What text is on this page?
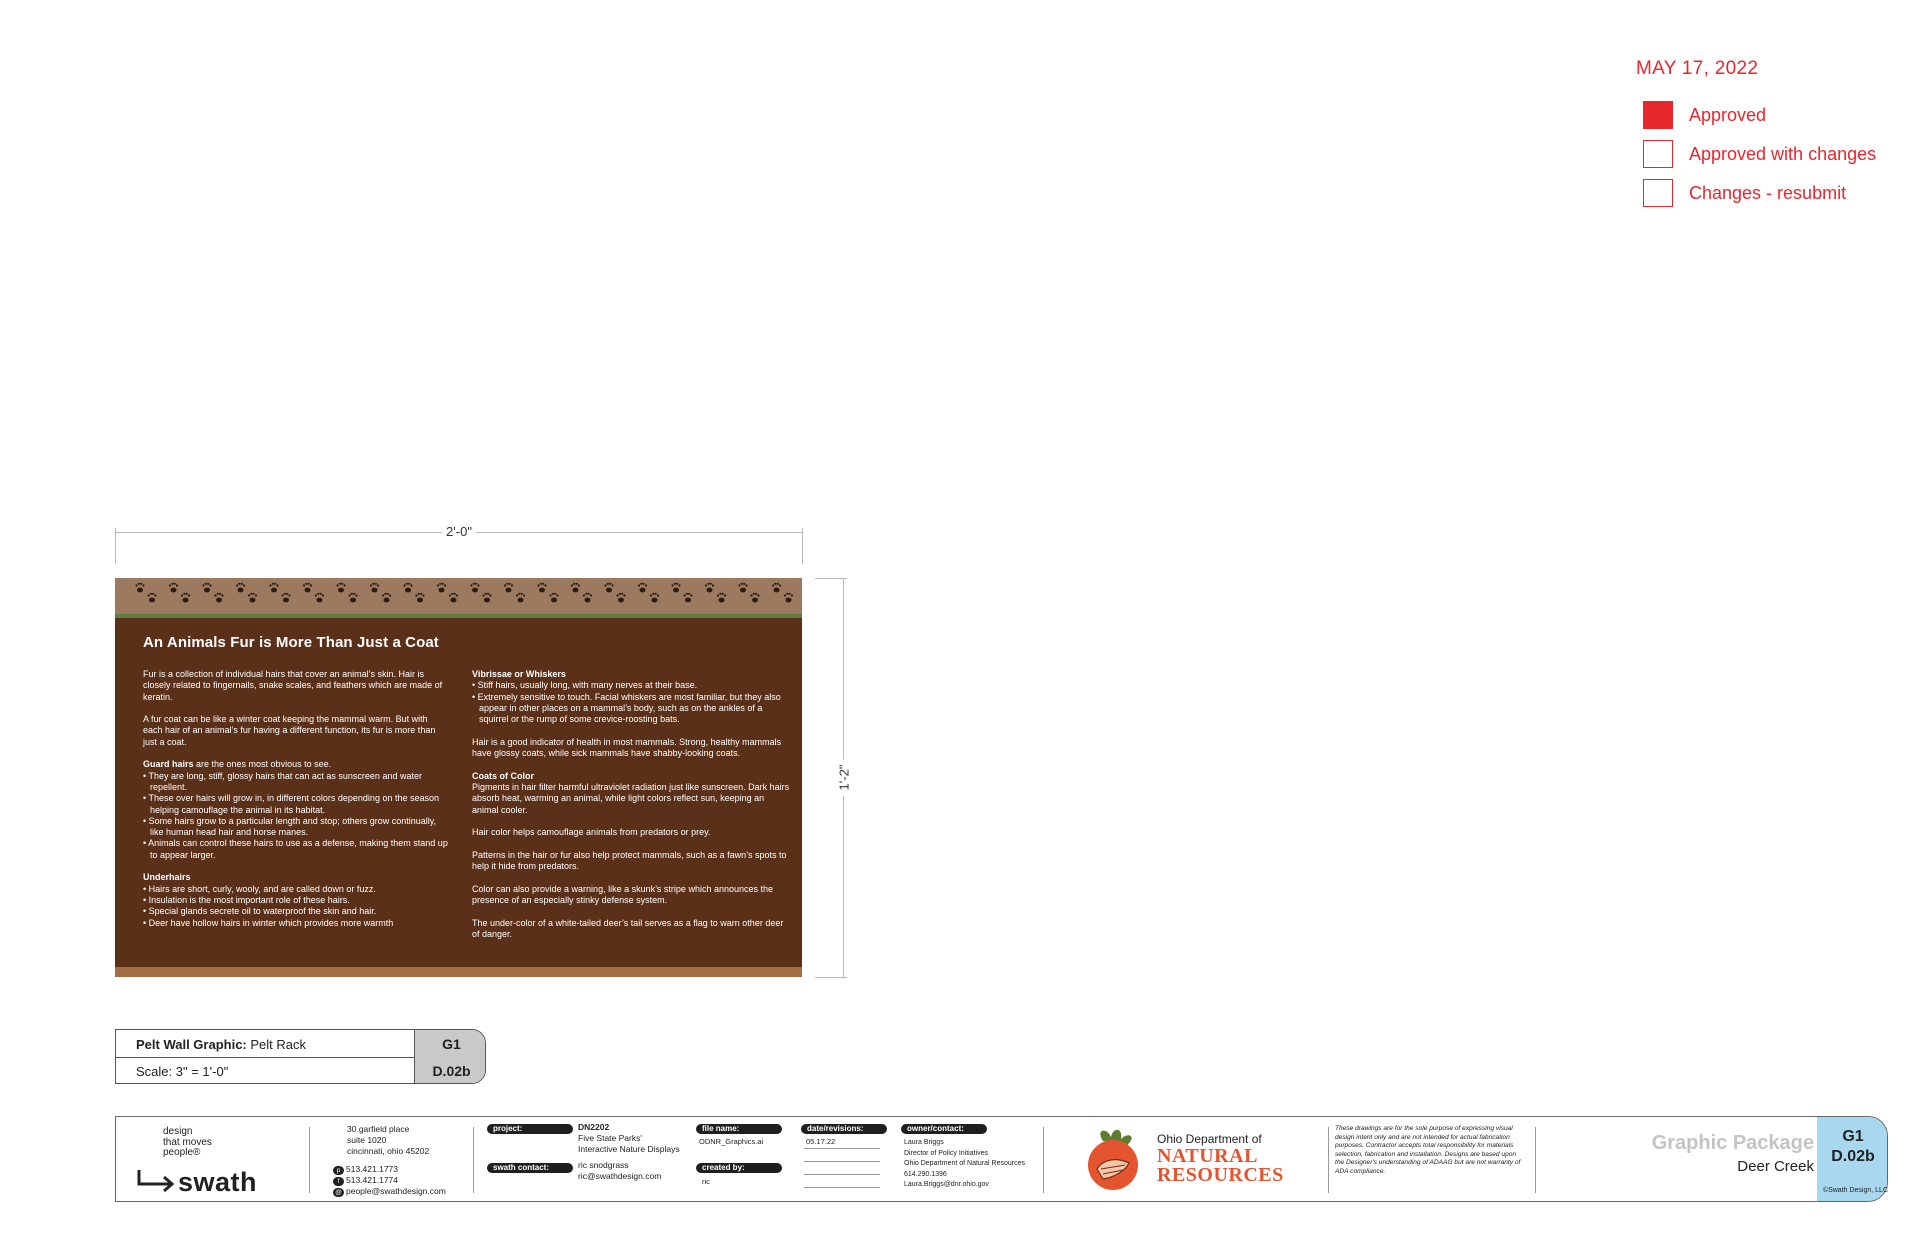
MAY 17, 2022
Approved
Approved with changes
Changes - resubmit
2'-0"
1'-2"
An Animals Fur is More Than Just a Coat

Fur is a collection of individual hairs that cover an animal’s skin. Hair is closely related to fingernails, snake scales, and feathers which are made of keratin.

A fur coat can be like a winter coat keeping the mammal warm. But with each hair of an animal’s fur having a different function, its fur is more than just a coat.

Guard hairs are the ones most obvious to see.
• They are long, stiff, glossy hairs that can act as sunscreen and water repellent.
• These over hairs will grow in, in different colors depending on the season helping camouflage the animal in its habitat.
• Some hairs grow to a particular length and stop; others grow continually, like human head hair and horse manes.
• Animals can control these hairs to use as a defense, making them stand up to appear larger.
Underhairs
• Hairs are short, curly, wooly, and are called down or fuzz.
• Insulation is the most important role of these hairs.
• Special glands secrete oil to waterproof the skin and hair.
• Deer have hollow hairs in winter which provides more warmth
Vibrissae or Whiskers
• Stiff hairs, usually long, with many nerves at their base.
• Extremely sensitive to touch. Facial whiskers are most familiar, but they also appear in other places on a mammal’s body, such as on the ankles of a squirrel or the rump of some crevice-roosting bats.

Hair is a good indicator of health in most mammals. Strong, healthy mammals have glossy coats, while sick mammals have shabby-looking coats.

Coats of Color

Pigments in hair filter harmful ultraviolet radiation just like sunscreen. Dark hairs absorb heat, warming an animal, while light colors reflect sun, keeping an animal cooler.

Hair color helps camouflage animals from predators or prey.

Patterns in the hair or fur also help protect mammals, such as a fawn’s spots to help it hide from predators.

Color can also provide a warning, like a skunk’s stripe which announces the presence of an especially stinky defense system.

The under-color of a white-tailed deer’s tail serves as a flag to warn other deer of danger.

Pelt Wall Graphic: Pelt Rack
Scale: 3" = 1'-0"
G1
D.02b
design
that moves
people®
swath
30 garfield place
suite 1020
cincinnati, ohio 45202
p 513.421.1773
f 513.421.1774
@ people@swathdesign.com
project:	DN2202
Five State Parks'
Interactive Nature Displays
swath contact:	ric snodgrass
ric@swathdesign.com
file name:
ODNR_Graphics.ai
created by:
ric
date/revisions:
05.17.22
owner/contact:
Laura Briggs
Director of Policy Initiatives
Ohio Department of Natural Resources
614.290.1396
Laura.Briggs@dnr.ohio.gov
Ohio Department of
NATURAL
RESOURCES
These drawings are for the sole purpose of expressing visual design intent only and are not intended for actual fabrication purposes. Contractor accepts total responsibility for materials selection, fabrication and installation. Designs are based upon the Designer's understanding of ADAAG but are not warranty of ADA compliance.
Graphic Package
Deer Creek
G1
D.02b
©Swath Design, LLC
